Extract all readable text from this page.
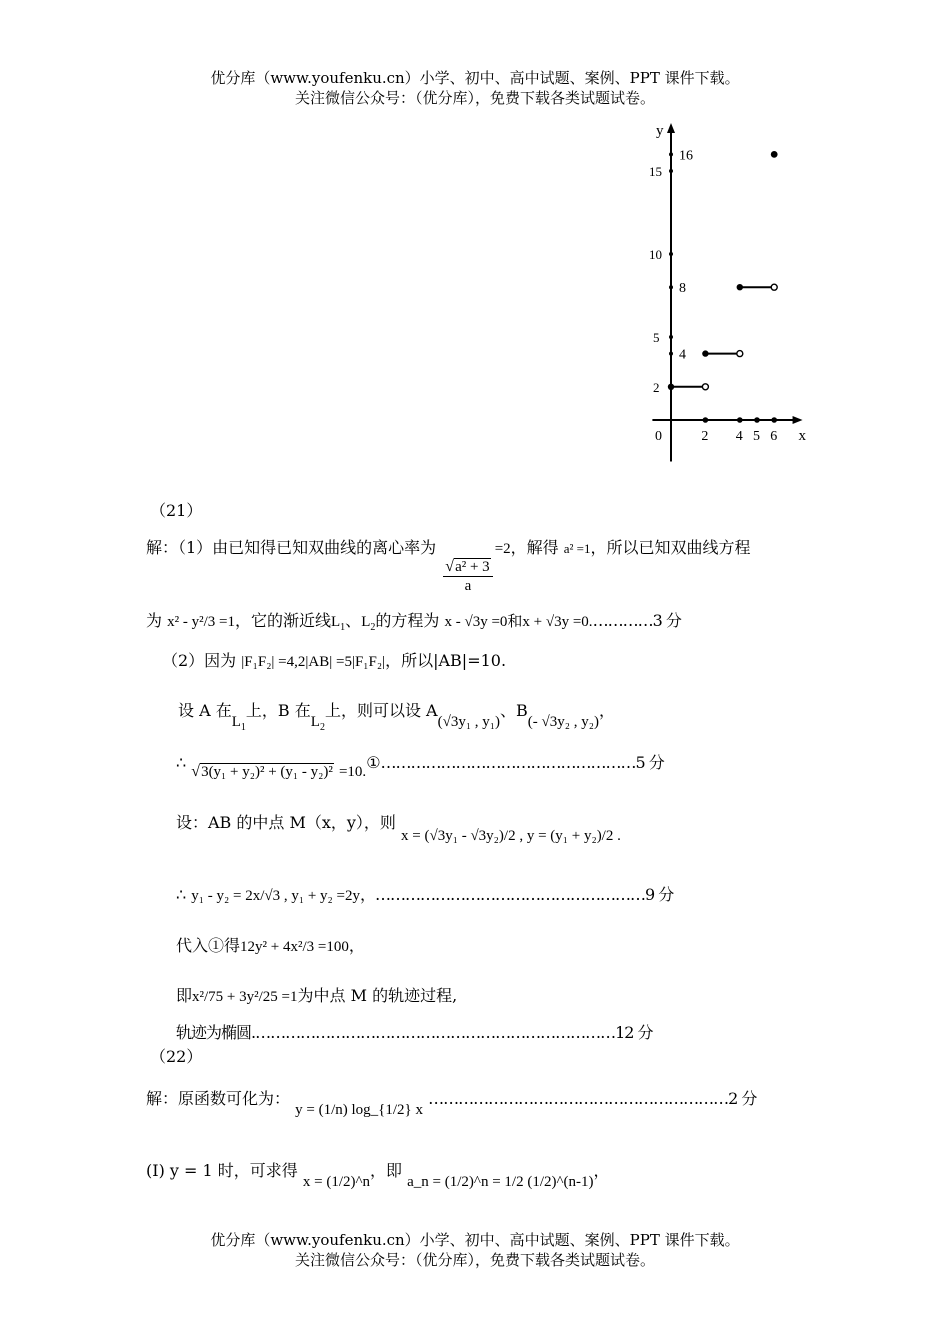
优分库（www.youfenku.cn）小学、初中、高中试题、案例、PPT 课件下载。
关注微信公众号：（优分库），免费下载各类试题试卷。
x
y
0	2 4 5 6
2
5
10
15
4
8
16
（21）
解：（1）由已知得已知双曲线的离心率为
$\frac{\text{√a² + 3}}{a}$
=2，解得 a² =1，所以已知双曲线方程
为 x² - y²/3 =1，它的渐近线$L_1$、$L_2$的方程为 x - √3y =0和x + √3y =0.…………3 分
（2）因为 |F₁F₂| =4,2|AB| =5|F₁F₂|，所以|AB|=10.
设 A 在$L_1$上，B 在$L_2$上，则可以设 A(√3y₁ , y₁)、B(- √3y₂ , y₂)，
∴ √3(y₁ + y₂)² + (y₁ - y₂)² =10.①……………………………………………5 分
设：AB 的中点 M（x，y），则 x = (√3y₁ - √3y₂)/2 , y = (y₁ + y₂)/2 .
∴ y₁ - y₂ = 2x/√3 , y₁ + y₂ =2y，………………………………………………9 分
代入①得12y² + 4x²/3 =100，
即x²/75 + 3y²/25 =1为中点 M 的轨迹过程,
轨迹为椭圆.………………………………………………………………12 分
（22）
解：原函数可化为： y = (1/n) log_{1/2} x ……………………………………………………2 分
(Ⅰ) y = 1 时，可求得 x = (1/2)^n，即 a_n = (1/2)^n = 1/2 (1/2)^(n-1)，
优分库（www.youfenku.cn）小学、初中、高中试题、案例、PPT 课件下载。
关注微信公众号：（优分库），免费下载各类试题试卷。
